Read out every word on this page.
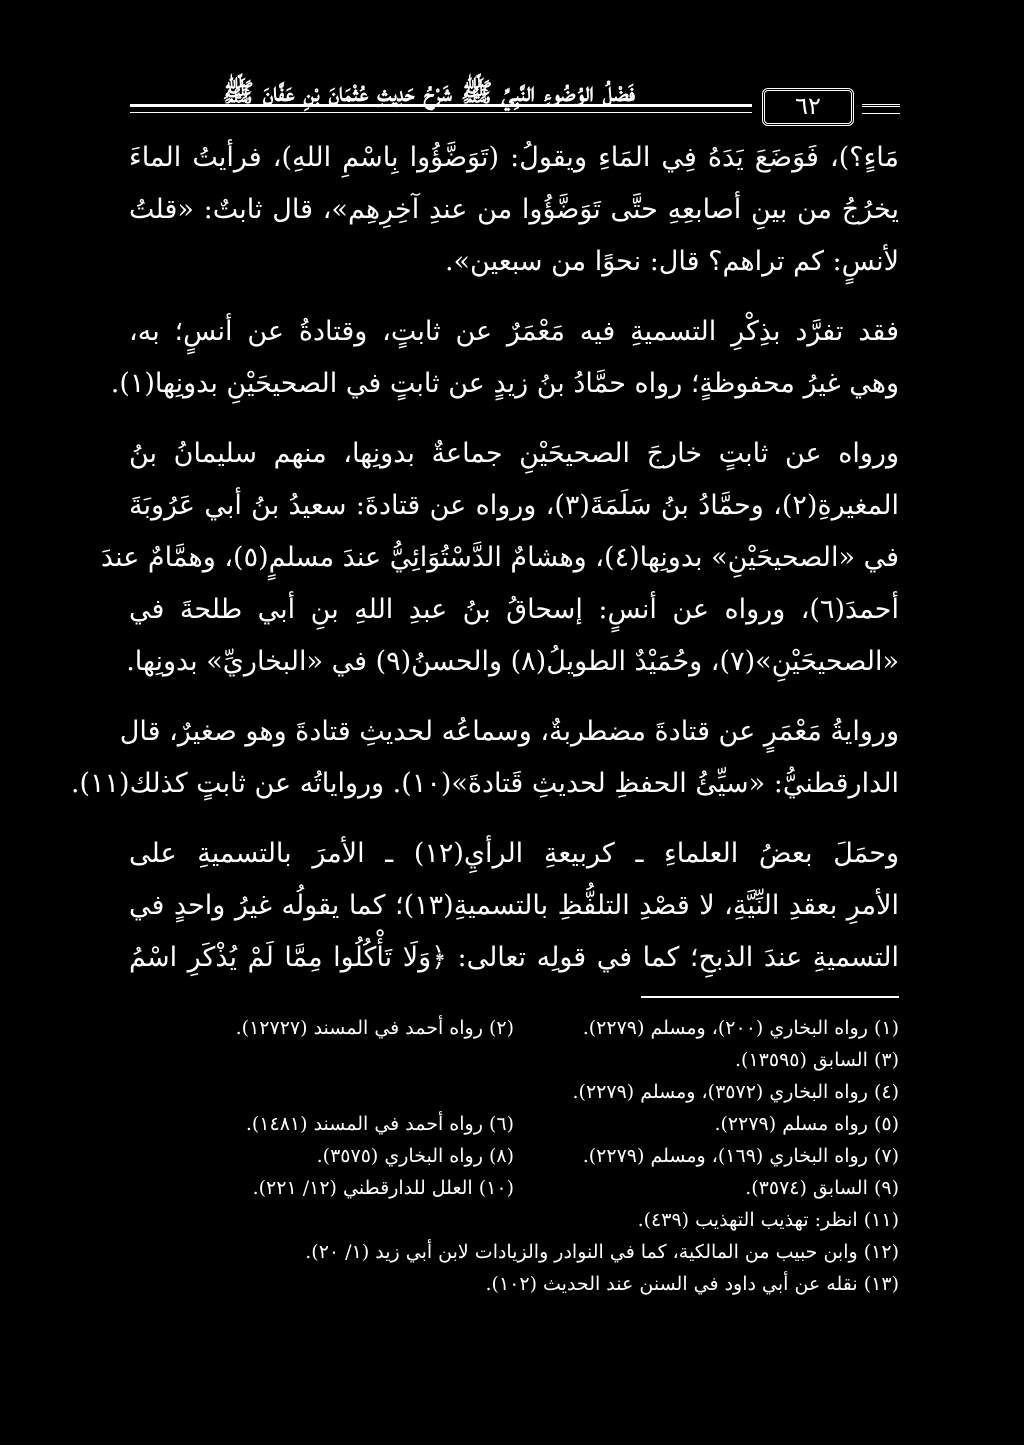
فَضْلُ الوُضُوءِ النَّبِيِّ ﷺ شَرْحُ حَدِيثِ عُثْمَانَ بْنِ عَفَّانَ ﷺ	٦٢
مَاءٍ؟)، فَوَضَعَ يَدَهُ فِي المَاءِ ويقولُ: (تَوَضَّؤُوا بِاسْمِ اللهِ)، فرأيتُ الماءَ
يخرُجُ من بينِ أصابعِهِ حتَّى تَوَضَّؤُوا من عندِ آخِرِهِم»، قال ثابتٌ: «قلتُ
لأنسٍ: كم تراهم؟ قال: نحوًا من سبعين».
فقد تفرَّد بذِكْرِ التسميةِ فيه مَعْمَرٌ عن ثابتٍ، وقتادةُ عن أنسٍ؛ به،
وهي غيرُ محفوظةٍ؛ رواه حمَّادُ بنُ زيدٍ عن ثابتٍ في الصحيحَيْنِ بدونِها(١).
ورواه عن ثابتٍ خارجَ الصحيحَيْنِ جماعةٌ بدونِها، منهم سليمانُ بنُ
المغيرةِ(٢)، وحمَّادُ بنُ سَلَمَةَ(٣)، ورواه عن قتادةَ: سعيدُ بنُ أبي عَرُوبَةَ
في «الصحيحَيْنِ» بدونِها(٤)، وهشامٌ الدَّسْتُوَائِيُّ عندَ مسلمٍ(٥)، وهمَّامٌ عندَ
أحمدَ(٦)، ورواه عن أنسٍ: إسحاقُ بنُ عبدِ اللهِ بنِ أبي طلحةَ في
«الصحيحَيْنِ»(٧)، وحُمَيْدٌ الطويلُ(٨) والحسنُ(٩) في «البخاريِّ» بدونِها.
وروايةُ مَعْمَرٍ عن قتادةَ مضطربةٌ، وسماعُه لحديثِ قتادةَ وهو صغيرٌ، قال
الدارقطنيُّ: «سيِّئُ الحفظِ لحديثِ قَتادةَ»(١٠). ورواياتُه عن ثابتٍ كذلك(١١).
وحمَلَ بعضُ العلماءِ ـ كربيعةِ الرأيِ(١٢) ـ الأمرَ بالتسميةِ على
الأمرِ بعقدِ النِّيَّةِ، لا قصْدِ التلفُّظِ بالتسميةِ(١٣)؛ كما يقولُه غيرُ واحدٍ في
التسميةِ عندَ الذبحِ؛ كما في قولِه تعالى: ﴿وَلَا تَأْكُلُوا مِمَّا لَمْ يُذْكَرِ اسْمُ
(١) رواه البخاري (٢٠٠)، ومسلم (٢٢٧٩).
(٢) رواه أحمد في المسند (١٢٧٢٧).
(٣) السابق (١٣٥٩٥).
(٤) رواه البخاري (٣٥٧٢)، ومسلم (٢٢٧٩).
(٥) رواه مسلم (٢٢٧٩).
(٦) رواه أحمد في المسند (١٤٨١).
(٧) رواه البخاري (١٦٩)، ومسلم (٢٢٧٩).
(٨) رواه البخاري (٣٥٧٥).
(٩) السابق (٣٥٧٤).
(١٠) العلل للدارقطني (١٢/ ٢٢١).
(١١) انظر: تهذيب التهذيب (٤٣٩).
(١٢) وابن حبيب من المالكية، كما في النوادر والزيادات لابن أبي زيد (١/ ٢٠).
(١٣) نقله عن أبي داود في السنن عند الحديث (١٠٢).
